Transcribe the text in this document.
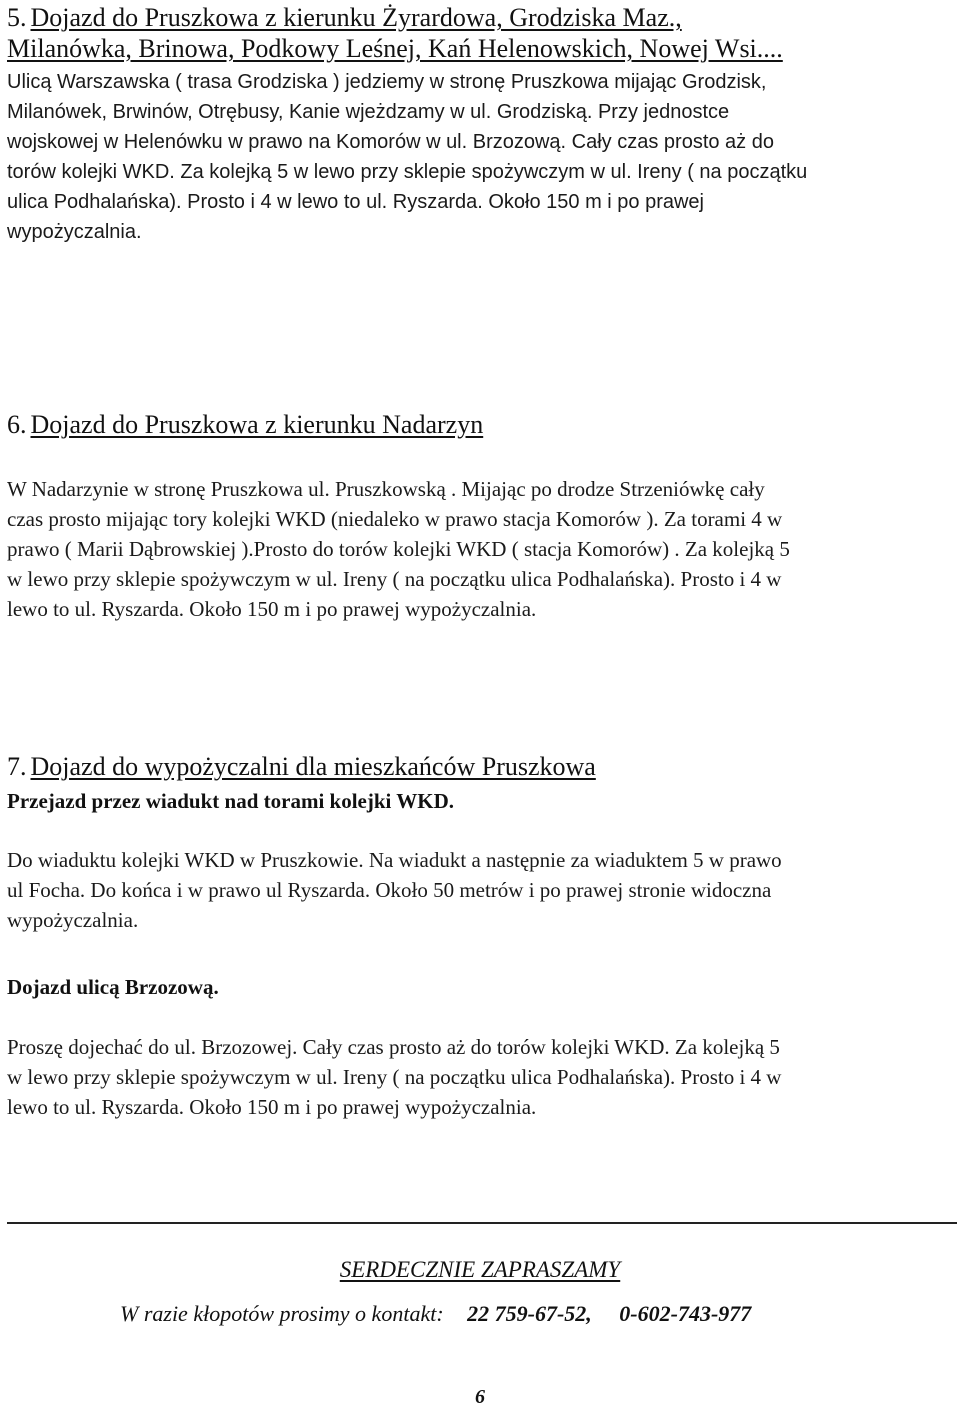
5. Dojazd do Pruszkowa z kierunku Żyrardowa, Grodziska Maz.,
Milanówka, Brinowa, Podkowy Leśnej, Kań Helenowskich, Nowej Wsi....

Ulicą Warszawska ( trasa Grodziska ) jedziemy w stronę Pruszkowa mijając Grodzisk,
Milanówek, Brwinów, Otrębusy, Kanie wjeżdzamy w ul. Grodziską. Przy jednostce
wojskowej w Helenówku w prawo na Komorów w ul. Brzozową. Cały czas prosto aż do
torów kolejki WKD. Za kolejką 5 w lewo przy sklepie spożywczym w ul. Ireny ( na początku
ulica Podhalańska). Prosto i 4 w lewo to ul. Ryszarda. Około 150 m i po prawej
wypożyczalnia.

6. Dojazd do Pruszkowa z kierunku Nadarzyn

W Nadarzynie w stronę Pruszkowa ul. Pruszkowską . Mijając po drodze Strzeniówkę cały
czas prosto mijając tory kolejki WKD (niedaleko w prawo stacja Komorów ). Za torami 4 w
prawo ( Marii Dąbrowskiej ).Prosto do torów kolejki WKD ( stacja Komorów) . Za kolejką 5
w lewo przy sklepie spożywczym w ul. Ireny ( na początku ulica Podhalańska). Prosto i 4 w
lewo to ul. Ryszarda. Około 150 m i po prawej wypożyczalnia.

7. Dojazd do wypożyczalni dla mieszkańców Pruszkowa

Przejazd przez wiadukt nad torami kolejki WKD.

Do wiaduktu kolejki WKD w Pruszkowie. Na wiadukt a następnie za wiaduktem 5 w prawo
ul Focha. Do końca i w prawo ul Ryszarda. Około 50 metrów i po prawej stronie widoczna
wypożyczalnia.

Dojazd ulicą Brzozową.

Proszę dojechać do ul. Brzozowej. Cały czas prosto aż do torów kolejki WKD. Za kolejką 5
w lewo przy sklepie spożywczym w ul. Ireny ( na początku ulica Podhalańska). Prosto i 4 w
lewo to ul. Ryszarda. Około 150 m i po prawej wypożyczalnia.

SERDECZNIE ZAPRASZAMY

W razie kłopotów prosimy o kontakt: 22 759-67-52, 0-602-743-977

6
